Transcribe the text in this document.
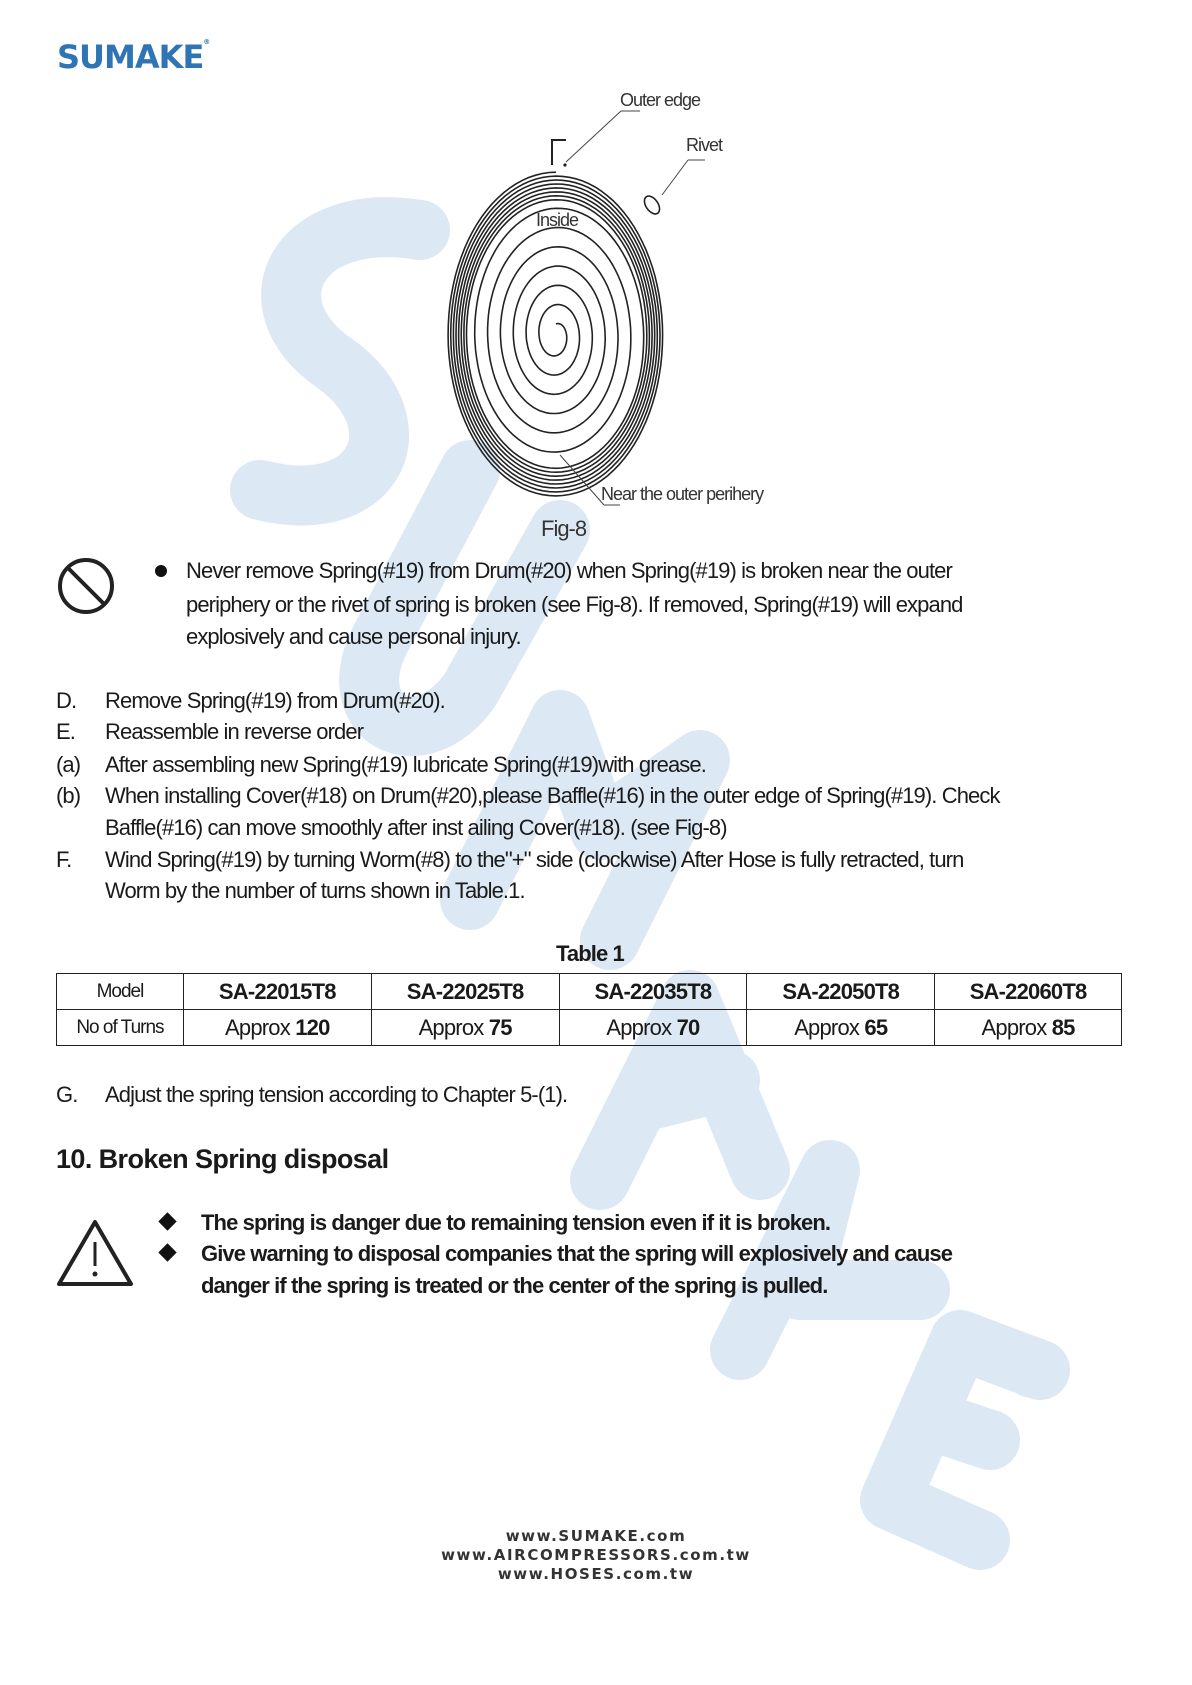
SUMAKE®
Outer edge
Rivet
Inside
Near the outer perihery
Fig-8
Never remove Spring(#19) from Drum(#20) when Spring(#19) is broken near the outer
periphery or the rivet of spring is broken (see Fig-8). If removed, Spring(#19) will expand
explosively and cause personal injury.
D. Remove Spring(#19) from Drum(#20).
E. Reassemble in reverse order
(a) After assembling new Spring(#19) lubricate Spring(#19)with grease.
(b) When installing Cover(#18) on Drum(#20),please Baffle(#16) in the outer edge of Spring(#19). Check
Baffle(#16) can move smoothly after inst ailing Cover(#18). (see Fig-8)
F. Wind Spring(#19) by turning Worm(#8) to the"+" side (clockwise) After Hose is fully retracted, turn
Worm by the number of turns shown in Table.1.
Table 1
Model	SA-22015T8	SA-22025T8	SA-22035T8	SA-22050T8	SA-22060T8
No of Turns	Approx 120	Approx 75	Approx 70	Approx 65	Approx 85
G. Adjust the spring tension according to Chapter 5-(1).
10. Broken Spring disposal
The spring is danger due to remaining tension even if it is broken.
Give warning to disposal companies that the spring will explosively and cause
danger if the spring is treated or the center of the spring is pulled.
www.SUMAKE.com
www.AIRCOMPRESSORS.com.tw
www.HOSES.com.tw
